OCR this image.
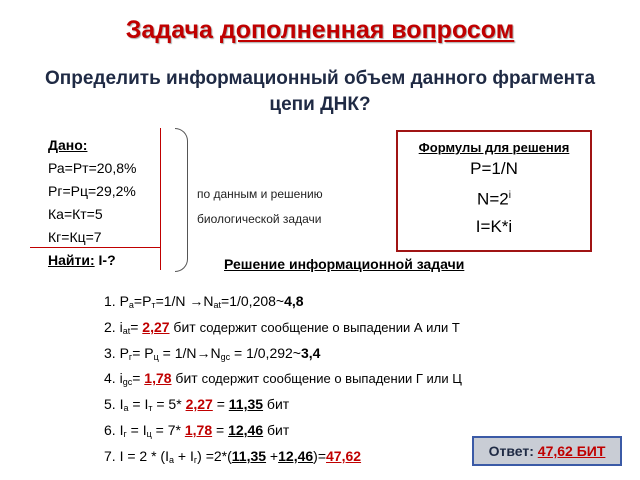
Задача дополненная вопросом
Определить информационный объем данного фрагмента цепи ДНК?
Дано:
Ра=Рт=20,8%
Рг=Рц=29,2%
Ка=Кт=5
Кг=Кц=7
Найти: I-?
по данным и решению
биологической задачи
Формулы для решения
P=1/N
$N=2^i$
I=K*i
Решение информационной задачи
1. $P_а=P_т=1/N$ $\to N_{at}=1/0,208\sim 4,8$
2. $i_{at}= 2,27$ бит содержит сообщение о выпадении А или Т
3. $P_г= P_ц = 1/N\to N_{gc}$ = 1/0,292~3,4
4. $i_{gc}= 1,78$ бит содержит сообщение о выпадении Г или Ц
5. $I_a = I_т = 5*$ 2,27 = 11,35 бит
6. $I_г = I_ц = 7*$ 1,78 = 12,46 бит
7. $I = 2 * (I_а + I_г) =2*(11,35 +12,46)=47,62$	Ответ: 47,62 БИТ
